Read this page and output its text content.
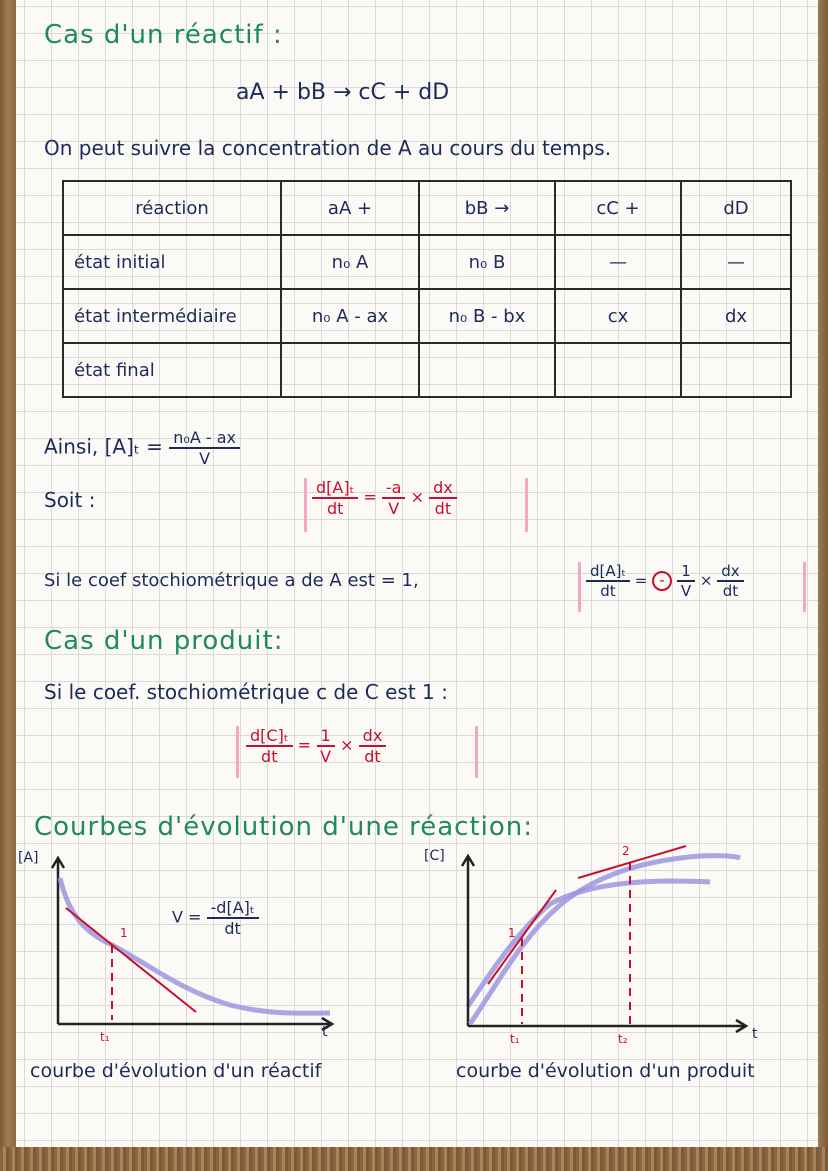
Cas d'un réactif :
aA + bB → cC + dD
On peut suivre la concentration de A au cours du temps.
réaction	aA +	bB →	cC +	dD
état initial	n₀ A	n₀ B	—	—
état intermédiaire	n₀ A - ax	n₀ B - bx	cx	dx
état final				
Ainsi, $[A]_t = \frac{\text{n₀A - ax}}{V}$
Soit :	$\frac{\text{d[A]ₜ}}{dt} = \frac{-a}{V} \times \frac{dx}{dt}$
Si le coef stochiométrique a de A est = 1,	$\frac{\text{d[A]ₜ}}{dt}$ = - $\frac{1}{V} \times \frac{dx}{dt}$
Cas d'un produit:
Si le coef. stochiométrique c de C est 1 :
$\frac{\text{d[C]ₜ}}{dt} = \frac{1}{V} \times \frac{dx}{dt}$
Courbes d'évolution d'une réaction:
[A]
1
t₁	t
$V = \frac{\text{-d[A]ₜ}}{dt}$
courbe d'évolution d'un réactif
[C]
1
2
t₁	t₂	t
courbe d'évolution d'un produit
